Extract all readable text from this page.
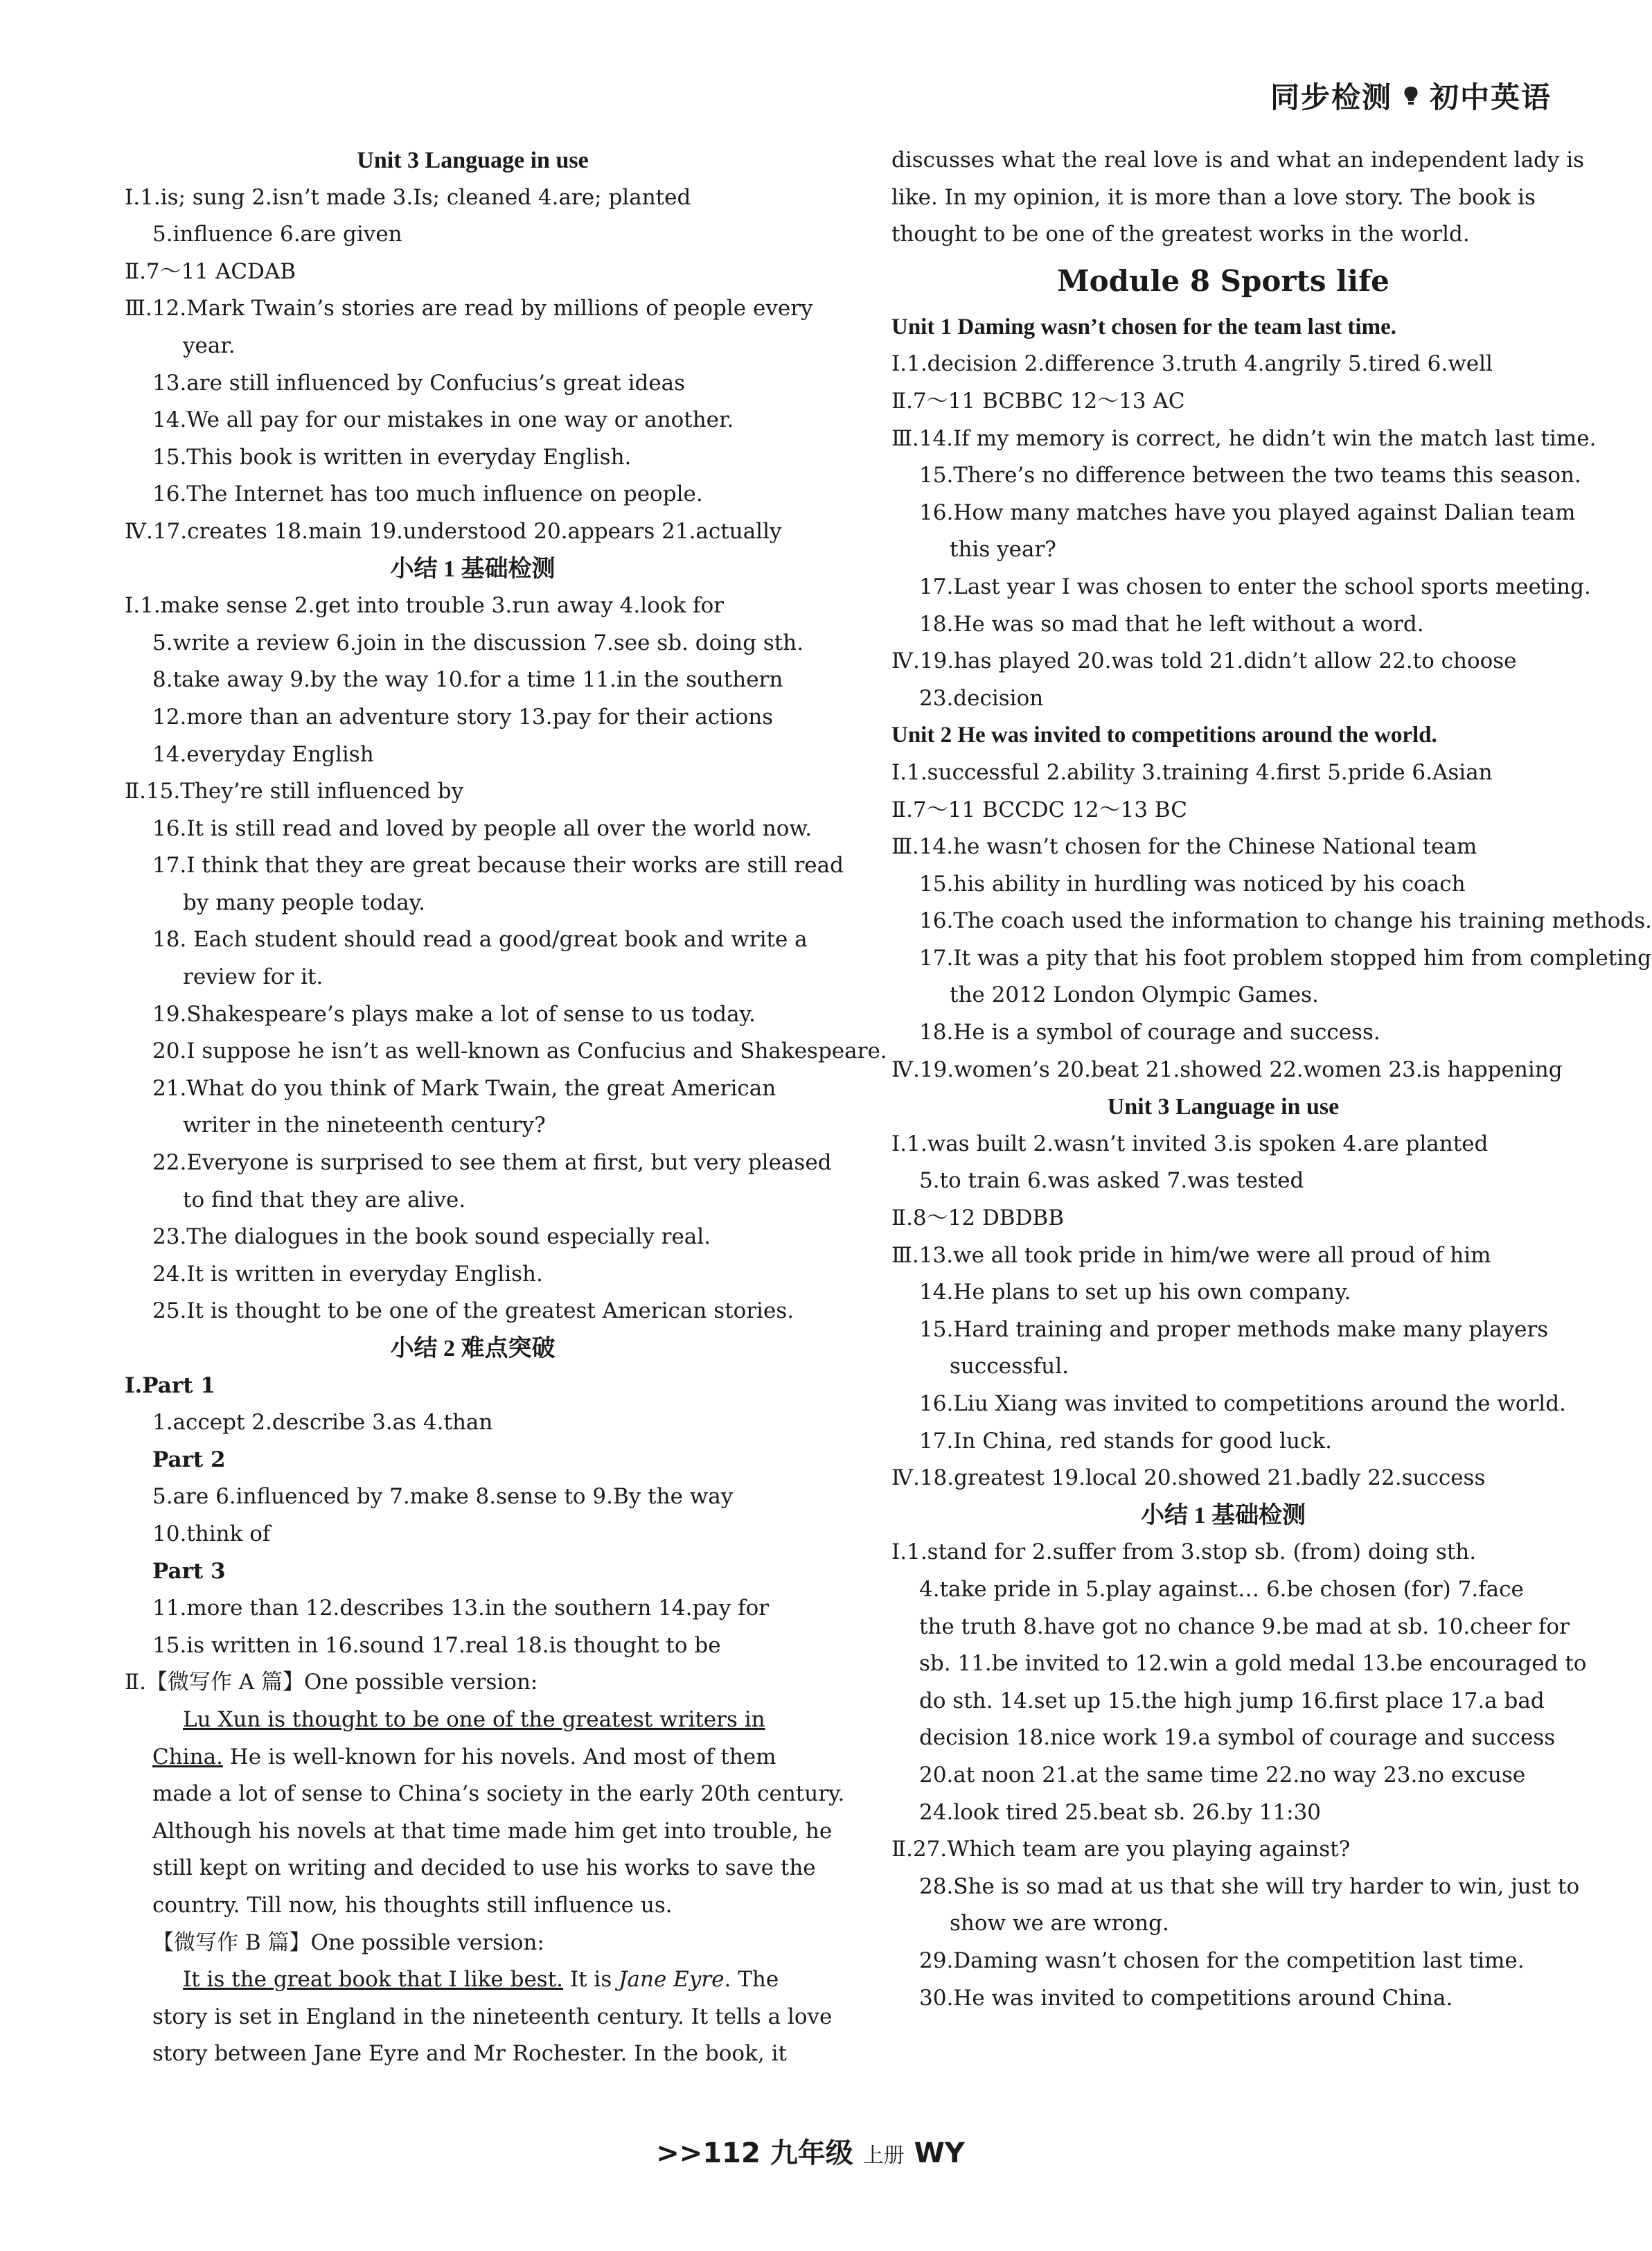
同步检测 初中英语
Unit 3 Language in use
Ⅰ.1.is; sung 2.isn’t made 3.Is; cleaned 4.are; planted
5.influence 6.are given
Ⅱ.7～11 ACDAB
Ⅲ.12.Mark Twain’s stories are read by millions of people every
year.
13.are still influenced by Confucius’s great ideas
14.We all pay for our mistakes in one way or another.
15.This book is written in everyday English.
16.The Internet has too much influence on people.
Ⅳ.17.creates 18.main 19.understood 20.appears 21.actually
小结 1 基础检测
Ⅰ.1.make sense 2.get into trouble 3.run away 4.look for
5.write a review 6.join in the discussion 7.see sb. doing sth.
8.take away 9.by the way 10.for a time 11.in the southern
12.more than an adventure story 13.pay for their actions
14.everyday English
Ⅱ.15.They’re still influenced by
16.It is still read and loved by people all over the world now.
17.I think that they are great because their works are still read
by many people today.
18. Each student should read a good/great book and write a
review for it.
19.Shakespeare’s plays make a lot of sense to us today.
20.I suppose he isn’t as well-known as Confucius and Shakespeare.
21.What do you think of Mark Twain, the great American
writer in the nineteenth century?
22.Everyone is surprised to see them at first, but very pleased
to find that they are alive.
23.The dialogues in the book sound especially real.
24.It is written in everyday English.
25.It is thought to be one of the greatest American stories.
小结 2 难点突破
Ⅰ.Part 1
1.accept 2.describe 3.as 4.than
Part 2
5.are 6.influenced by 7.make 8.sense to 9.By the way
10.think of
Part 3
11.more than 12.describes 13.in the southern 14.pay for
15.is written in 16.sound 17.real 18.is thought to be
Ⅱ.【微写作 A 篇】One possible version:
Lu Xun is thought to be one of the greatest writers in
China. He is well-known for his novels. And most of them
made a lot of sense to China’s society in the early 20th century.
Although his novels at that time made him get into trouble, he
still kept on writing and decided to use his works to save the
country. Till now, his thoughts still influence us.
【微写作 B 篇】One possible version:
It is the great book that I like best. It is Jane Eyre. The
story is set in England in the nineteenth century. It tells a love
story between Jane Eyre and Mr Rochester. In the book, it
discusses what the real love is and what an independent lady is
like. In my opinion, it is more than a love story. The book is
thought to be one of the greatest works in the world.
Module 8 Sports life
Unit 1 Daming wasn’t chosen for the team last time.
Ⅰ.1.decision 2.difference 3.truth 4.angrily 5.tired 6.well
Ⅱ.7～11 BCBBC 12～13 AC
Ⅲ.14.If my memory is correct, he didn’t win the match last time.
15.There’s no difference between the two teams this season.
16.How many matches have you played against Dalian team
this year?
17.Last year I was chosen to enter the school sports meeting.
18.He was so mad that he left without a word.
Ⅳ.19.has played 20.was told 21.didn’t allow 22.to choose
23.decision
Unit 2 He was invited to competitions around the world.
Ⅰ.1.successful 2.ability 3.training 4.first 5.pride 6.Asian
Ⅱ.7～11 BCCDC 12～13 BC
Ⅲ.14.he wasn’t chosen for the Chinese National team
15.his ability in hurdling was noticed by his coach
16.The coach used the information to change his training methods.
17.It was a pity that his foot problem stopped him from completing
the 2012 London Olympic Games.
18.He is a symbol of courage and success.
Ⅳ.19.women’s 20.beat 21.showed 22.women 23.is happening
Unit 3 Language in use
Ⅰ.1.was built 2.wasn’t invited 3.is spoken 4.are planted
5.to train 6.was asked 7.was tested
Ⅱ.8～12 DBDBB
Ⅲ.13.we all took pride in him/we were all proud of him
14.He plans to set up his own company.
15.Hard training and proper methods make many players
successful.
16.Liu Xiang was invited to competitions around the world.
17.In China, red stands for good luck.
Ⅳ.18.greatest 19.local 20.showed 21.badly 22.success
小结 1 基础检测
Ⅰ.1.stand for 2.suffer from 3.stop sb. (from) doing sth.
4.take pride in 5.play against… 6.be chosen (for) 7.face
the truth 8.have got no chance 9.be mad at sb. 10.cheer for
sb. 11.be invited to 12.win a gold medal 13.be encouraged to
do sth. 14.set up 15.the high jump 16.first place 17.a bad
decision 18.nice work 19.a symbol of courage and success
20.at noon 21.at the same time 22.no way 23.no excuse
24.look tired 25.beat sb. 26.by 11:30
Ⅱ.27.Which team are you playing against?
28.She is so mad at us that she will try harder to win, just to
show we are wrong.
29.Daming wasn’t chosen for the competition last time.
30.He was invited to competitions around China.
>>112 九年级 上册 WY
